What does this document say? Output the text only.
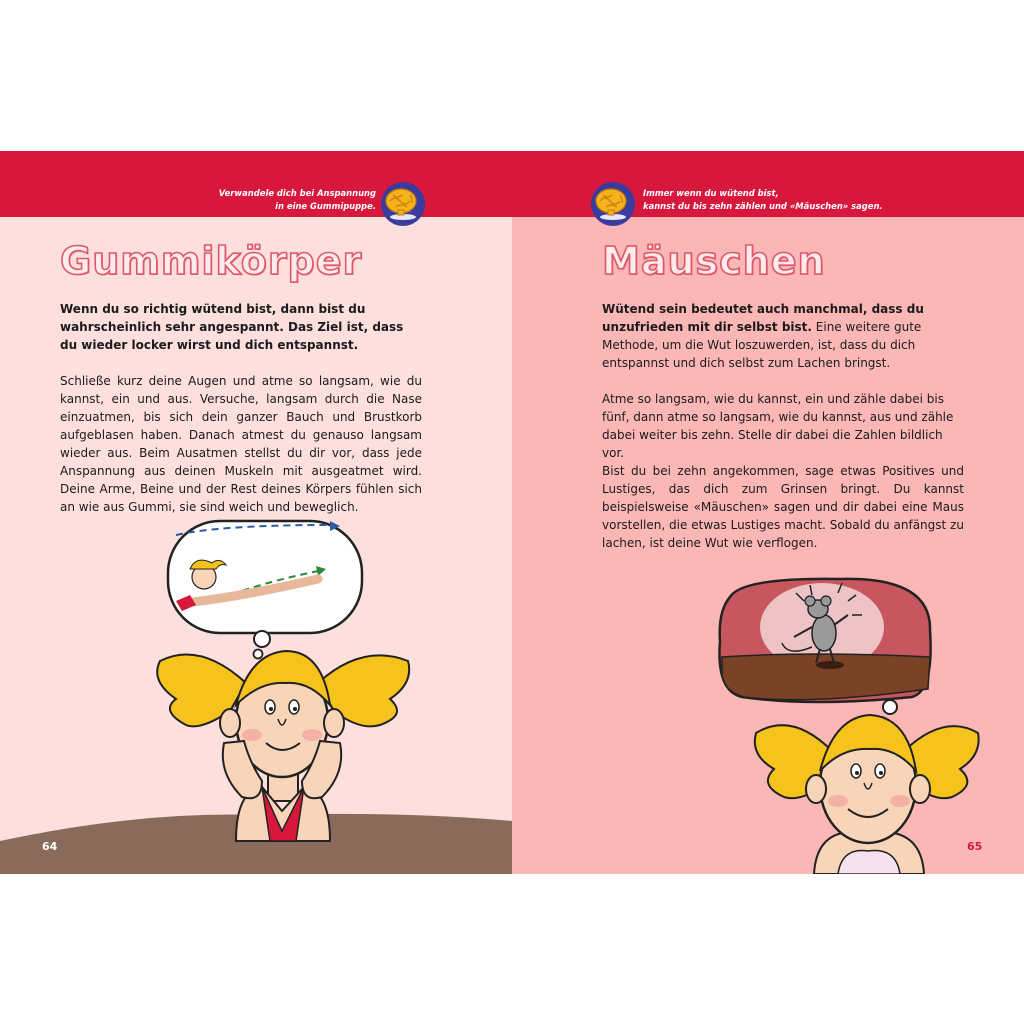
Verwandele dich bei Anspannung
in eine Gummipuppe.
Gummikörper
Wenn du so richtig wütend bist, dann bist du wahrscheinlich sehr angespannt. Das Ziel ist, dass du wieder locker wirst und dich entspannst.
Schließe kurz deine Augen und atme so langsam, wie du kannst, ein und aus. Versuche, langsam durch die Nase einzuatmen, bis sich dein ganzer Bauch und Brustkorb aufgeblasen haben. Danach atmest du genauso langsam wieder aus. Beim Ausatmen stellst du dir vor, dass jede Anspannung aus deinen Muskeln mit ausgeatmet wird. Deine Arme, Beine und der Rest deines Körpers fühlen sich an wie aus Gummi, sie sind weich und beweglich.
64
Immer wenn du wütend bist,
kannst du bis zehn zählen und «Mäuschen» sagen.
Mäuschen
Wütend sein bedeutet auch manchmal, dass du unzufrieden mit dir selbst bist. Eine weitere gute Methode, um die Wut loszuwerden, ist, dass du dich entspannst und dich selbst zum Lachen bringst.
Atme so langsam, wie du kannst, ein und zähle dabei bis fünf, dann atme so langsam, wie du kannst, aus und zähle dabei weiter bis zehn. Stelle dir dabei die Zahlen bildlich vor.
Bist du bei zehn angekommen, sage etwas Positives und Lustiges, das dich zum Grinsen bringt. Du kannst beispielsweise «Mäuschen» sagen und dir dabei eine Maus vorstellen, die etwas Lustiges macht. Sobald du anfängst zu lachen, ist deine Wut wie verflogen.
65
